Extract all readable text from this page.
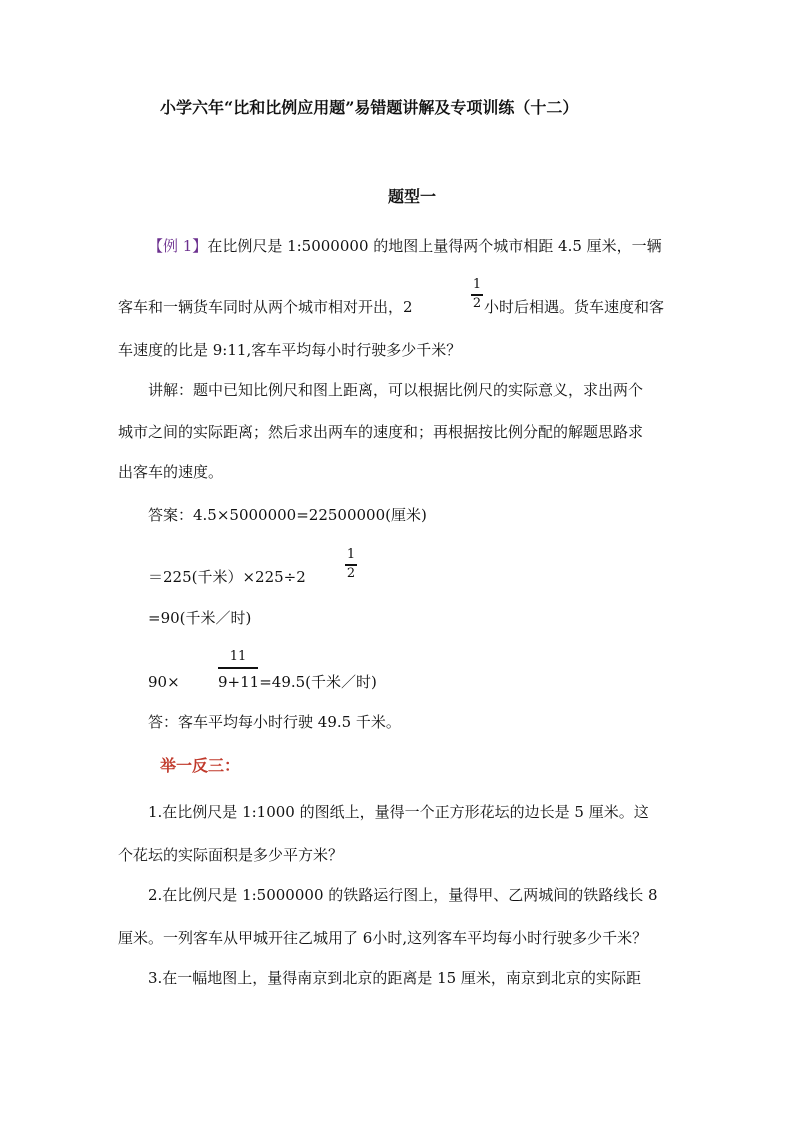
小学六年“比和比例应用题”易错题讲解及专项训练（十二）
题型一
【例 1】在比例尺是 1:5000000 的地图上量得两个城市相距 4.5 厘米，一辆
客车和一辆货车同时从两个城市相对开出，2
1
2 小时后相遇。货车速度和客
车速度的比是 9:11,客车平均每小时行驶多少千米？
讲解：题中已知比例尺和图上距离，可以根据比例尺的实际意义，求出两个
城市之间的实际距离；然后求出两车的速度和；再根据按比例分配的解题思路求
出客车的速度。
答案：4.5×5000000=22500000(厘米)
＝225(千米）×225÷2
1
2
=90(千米／时)
90×
11
9+11=49.5(千米／时)
答：客车平均每小时行驶 49.5 千米。
举一反三：
1.在比例尺是 1:1000 的图纸上，量得一个正方形花坛的边长是 5 厘米。这
个花坛的实际面积是多少平方米？
2.在比例尺是 1:5000000 的铁路运行图上，量得甲、乙两城间的铁路线长 8
厘米。一列客车从甲城开往乙城用了 6小时,这列客车平均每小时行驶多少千米？
3.在一幅地图上，量得南京到北京的距离是 15 厘米，南京到北京的实际距
